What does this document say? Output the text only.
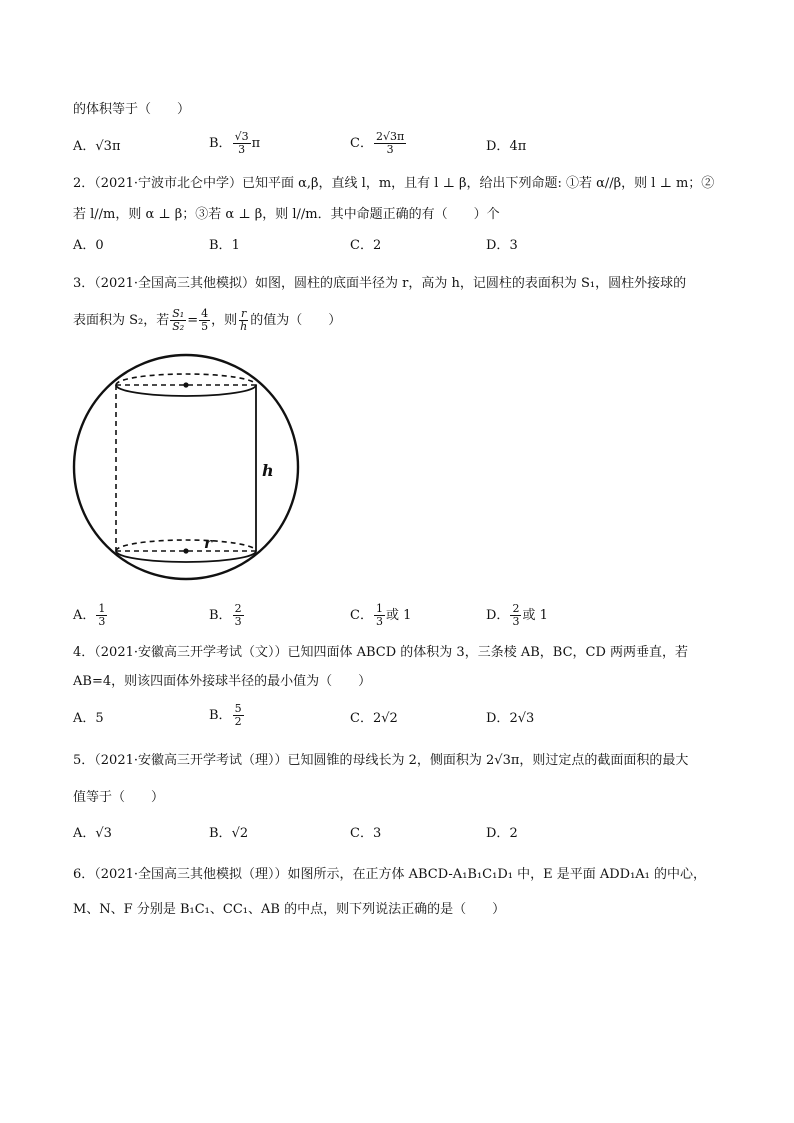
的体积等于（　　）
A．√3π	B． $\frac{√3}{3}$ π	C． $\frac{2√3\pi}{3}$	D．4π
2．（2021·宁波市北仑中学）已知平面 α,β，直线 l，m，且有 l ⊥ β，给出下列命题: ①若 α//β，则 l ⊥ m；②
若 l//m，则 α ⊥ β；③若 α ⊥ β，则 l//m．其中命题正确的有（　　）个
A．0	B．1	C．2	D．3
3．（2021·全国高三其他模拟）如图，圆柱的底面半径为 r，高为 h，记圆柱的表面积为 S₁，圆柱外接球的
表面积为 S₂，若 $\frac{\text{S₁}}{\text{S₂}} = \frac{4}{5}$ ，则 $\frac{r}{h}$ 的值为（　　）
h
r
A． $\frac{1}{3}$	B． $\frac{2}{3}$	C． $\frac{1}{3}$ 或 1	D． $\frac{2}{3}$ 或 1
4．（2021·安徽高三开学考试（文））已知四面体 ABCD 的体积为 3，三条棱 AB，BC，CD 两两垂直，若
AB=4，则该四面体外接球半径的最小值为（　　）
A．5	B． $\frac{5}{2}$	C．2√2	D．2√3
5．（2021·安徽高三开学考试（理））已知圆锥的母线长为 2，侧面积为 2√3π，则过定点的截面面积的最大
值等于（　　）
A．√3	B．√2	C．3	D．2
6．（2021·全国高三其他模拟（理））如图所示，在正方体 ABCD-A₁B₁C₁D₁ 中，E 是平面 ADD₁A₁ 的中心，
M、N、F 分别是 B₁C₁、CC₁、AB 的中点，则下列说法正确的是（　　）
